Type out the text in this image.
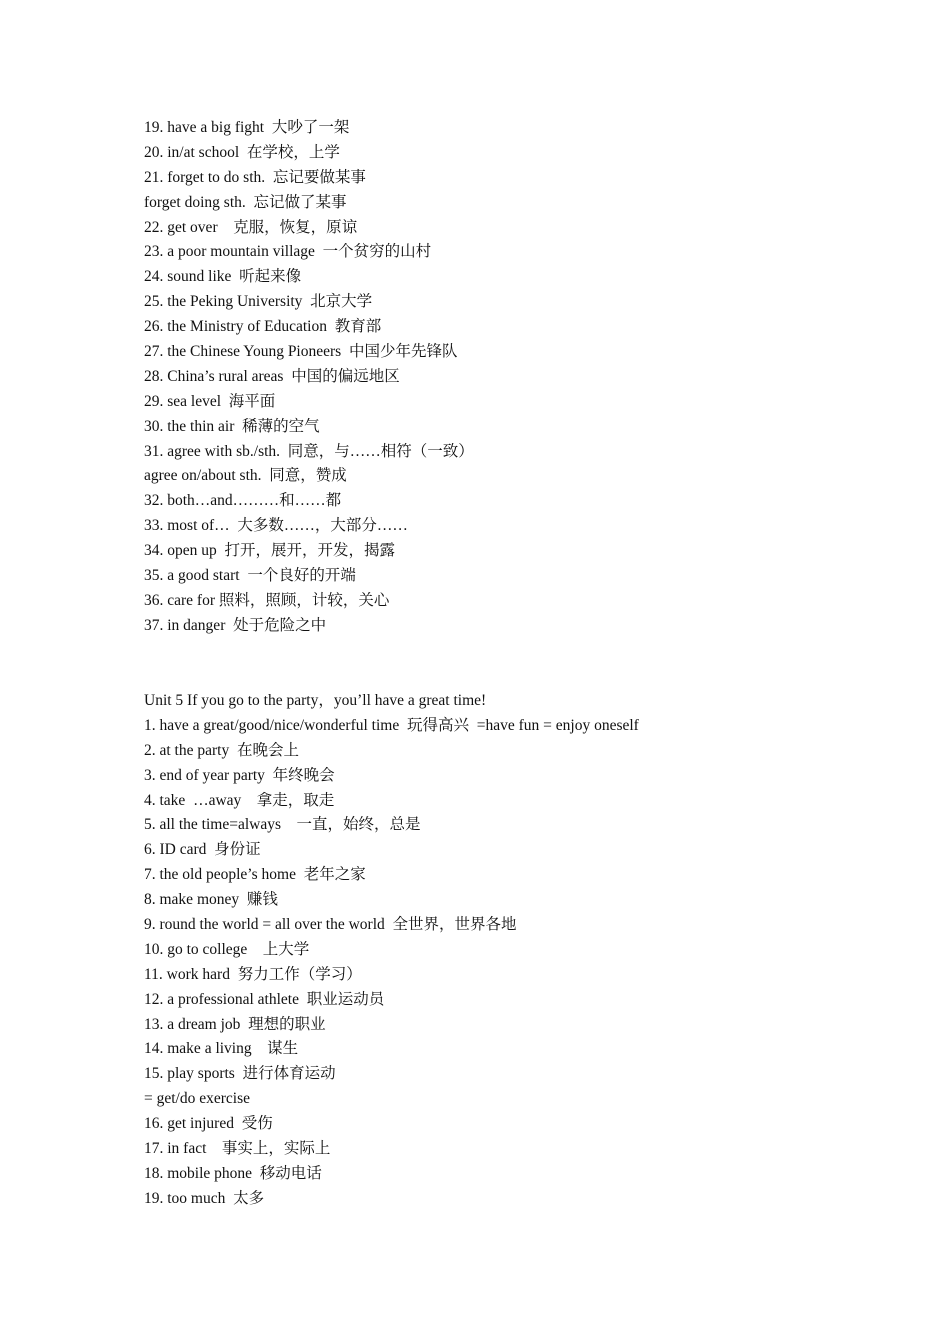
19. have a big fight  大吵了一架
20. in/at school  在学校，上学
21. forget to do sth.  忘记要做某事
forget doing sth.  忘记做了某事
22. get over    克服，恢复，原谅
23. a poor mountain village  一个贫穷的山村
24. sound like  听起来像
25. the Peking University  北京大学
26. the Ministry of Education  教育部
27. the Chinese Young Pioneers  中国少年先锋队
28. China’s rural areas  中国的偏远地区
29. sea level  海平面
30. the thin air  稀薄的空气
31. agree with sb./sth.  同意，与……相符（一致）
agree on/about sth.  同意，赞成
32. both…and………和……都
33. most of…  大多数……，大部分……
34. open up  打开，展开，开发，揭露
35. a good start  一个良好的开端
36. care for 照料，照顾，计较，关心
37. in danger  处于危险之中
Unit 5 If you go to the party，you’ll have a great time!
1. have a great/good/nice/wonderful time  玩得高兴  =have fun = enjoy oneself
2. at the party  在晚会上
3. end of year party  年终晚会
4. take  …away    拿走，取走
5. all the time=always    一直，始终，总是
6. ID card  身份证
7. the old people’s home  老年之家
8. make money  赚钱
9. round the world = all over the world  全世界，世界各地
10. go to college    上大学
11. work hard  努力工作（学习）
12. a professional athlete  职业运动员
13. a dream job  理想的职业
14. make a living    谋生
15. play sports  进行体育运动
= get/do exercise
16. get injured  受伤
17. in fact    事实上，实际上
18. mobile phone  移动电话
19. too much  太多
